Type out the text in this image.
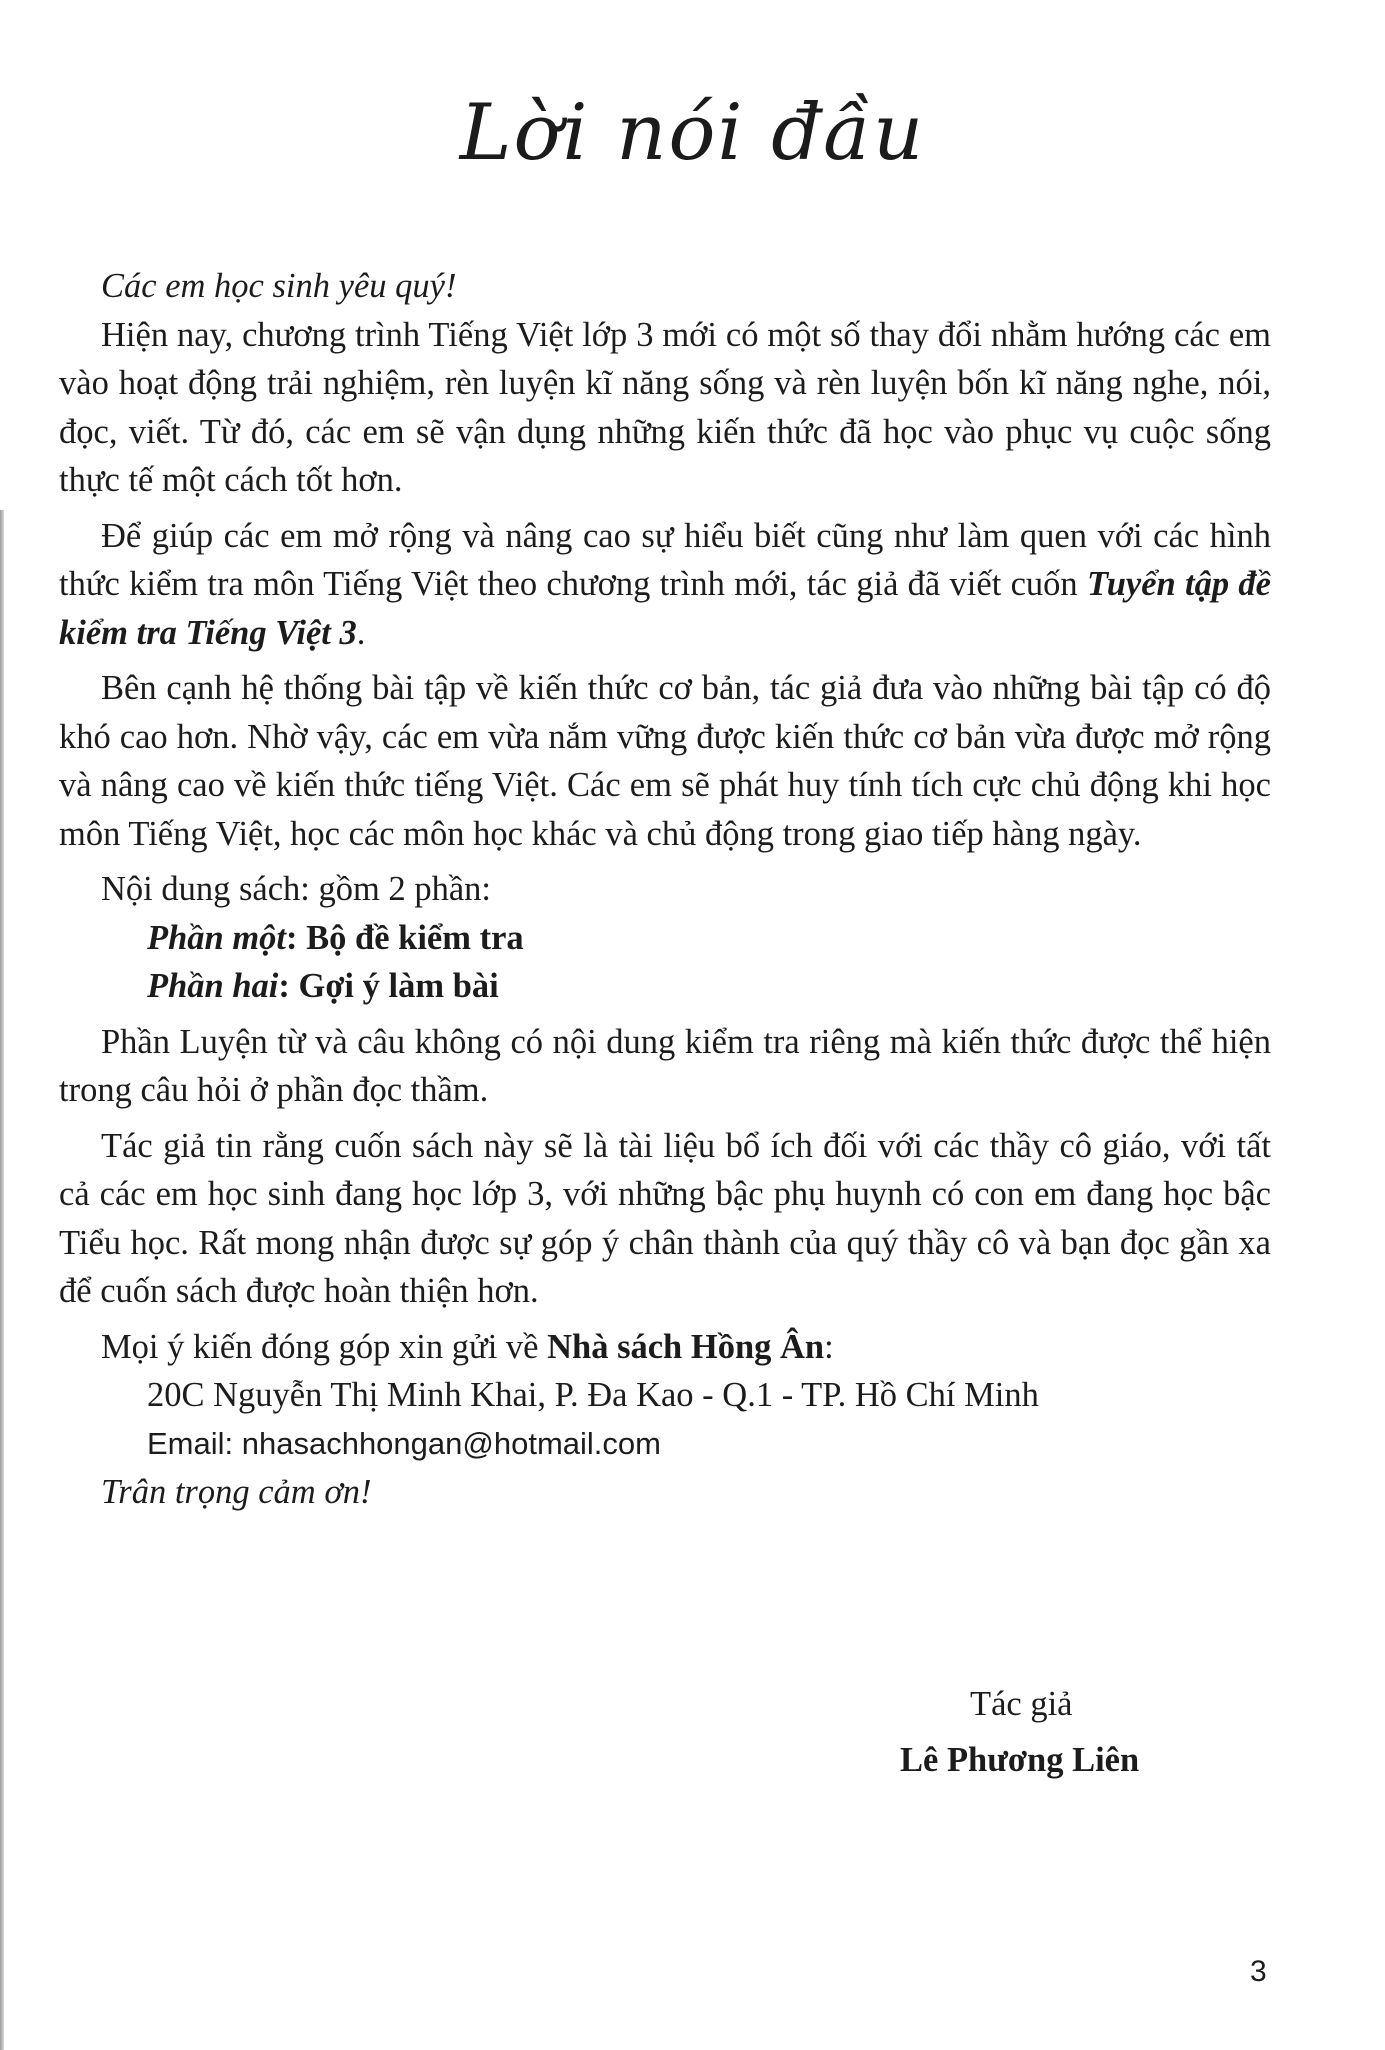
Lời nói đầu

Các em học sinh yêu quý!

Hiện nay, chương trình Tiếng Việt lớp 3 mới có một số thay đổi nhằm hướng các em vào hoạt động trải nghiệm, rèn luyện kĩ năng sống và rèn luyện bốn kĩ năng nghe, nói, đọc, viết. Từ đó, các em sẽ vận dụng những kiến thức đã học vào phục vụ cuộc sống thực tế một cách tốt hơn.

Để giúp các em mở rộng và nâng cao sự hiểu biết cũng như làm quen với các hình thức kiểm tra môn Tiếng Việt theo chương trình mới, tác giả đã viết cuốn Tuyển tập đề kiểm tra Tiếng Việt 3.

Bên cạnh hệ thống bài tập về kiến thức cơ bản, tác giả đưa vào những bài tập có độ khó cao hơn. Nhờ vậy, các em vừa nắm vững được kiến thức cơ bản vừa được mở rộng và nâng cao về kiến thức tiếng Việt. Các em sẽ phát huy tính tích cực chủ động khi học môn Tiếng Việt, học các môn học khác và chủ động trong giao tiếp hàng ngày.

Nội dung sách: gồm 2 phần:

Phần một: Bộ đề kiểm tra

Phần hai: Gợi ý làm bài

Phần Luyện từ và câu không có nội dung kiểm tra riêng mà kiến thức được thể hiện trong câu hỏi ở phần đọc thầm.

Tác giả tin rằng cuốn sách này sẽ là tài liệu bổ ích đối với các thầy cô giáo, với tất cả các em học sinh đang học lớp 3, với những bậc phụ huynh có con em đang học bậc Tiểu học. Rất mong nhận được sự góp ý chân thành của quý thầy cô và bạn đọc gần xa để cuốn sách được hoàn thiện hơn.

Mọi ý kiến đóng góp xin gửi về Nhà sách Hồng Ân:

20C Nguyễn Thị Minh Khai, P. Đa Kao - Q.1 - TP. Hồ Chí Minh

Email: nhasachhongan@hotmail.com

Trân trọng cảm ơn!

Tác giả
Lê Phương Liên
3
